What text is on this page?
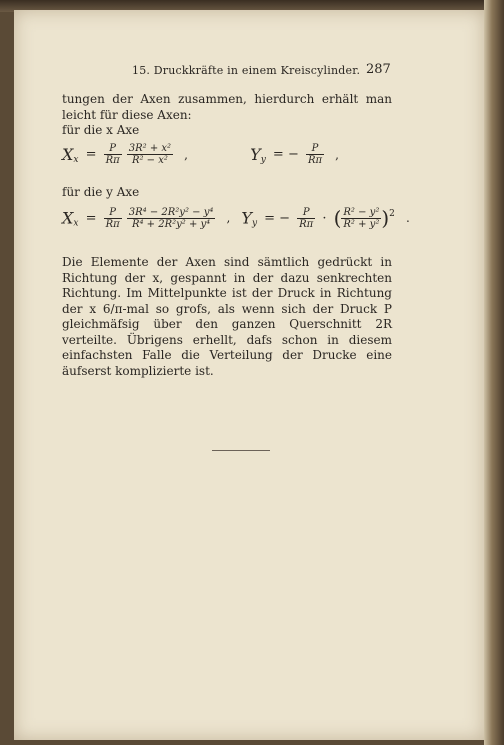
15. Druckkräfte in einem Kreiscylinder. 287
tungen der Axen zusammen, hierdurch erhält man leicht für diese Axen:
für die x Axe
$X_x = \frac{P}{R\pi}$
$\frac{\text{3R² + x²}}{\text{R² − x²}}$ ,	$Y_y$ = − $\frac{P}{R\pi}$ ,
für die y Axe
$X_x = \frac{P}{R\pi}$
$\frac{\text{3R⁴ − 2R²y² − y⁴}}{\text{R⁴ + 2R²y² + y⁴}}$ , $Y_y$ = − $\frac{P}{R\pi}$ · ( $\frac{\text{R² − y²}}{\text{R² + y²}} )^2$ .
Die Elemente der Axen sind sämtlich gedrückt in Richtung der x, gespannt in der dazu senkrechten Richtung. Im Mittelpunkte ist der Druck in Richtung der x 6/π-mal so grofs, als wenn sich der Druck P gleichmäfsig über den ganzen Querschnitt 2R verteilte. Übrigens erhellt, dafs schon in diesem einfachsten Falle die Verteilung der Drucke eine äufserst komplizierte ist.
